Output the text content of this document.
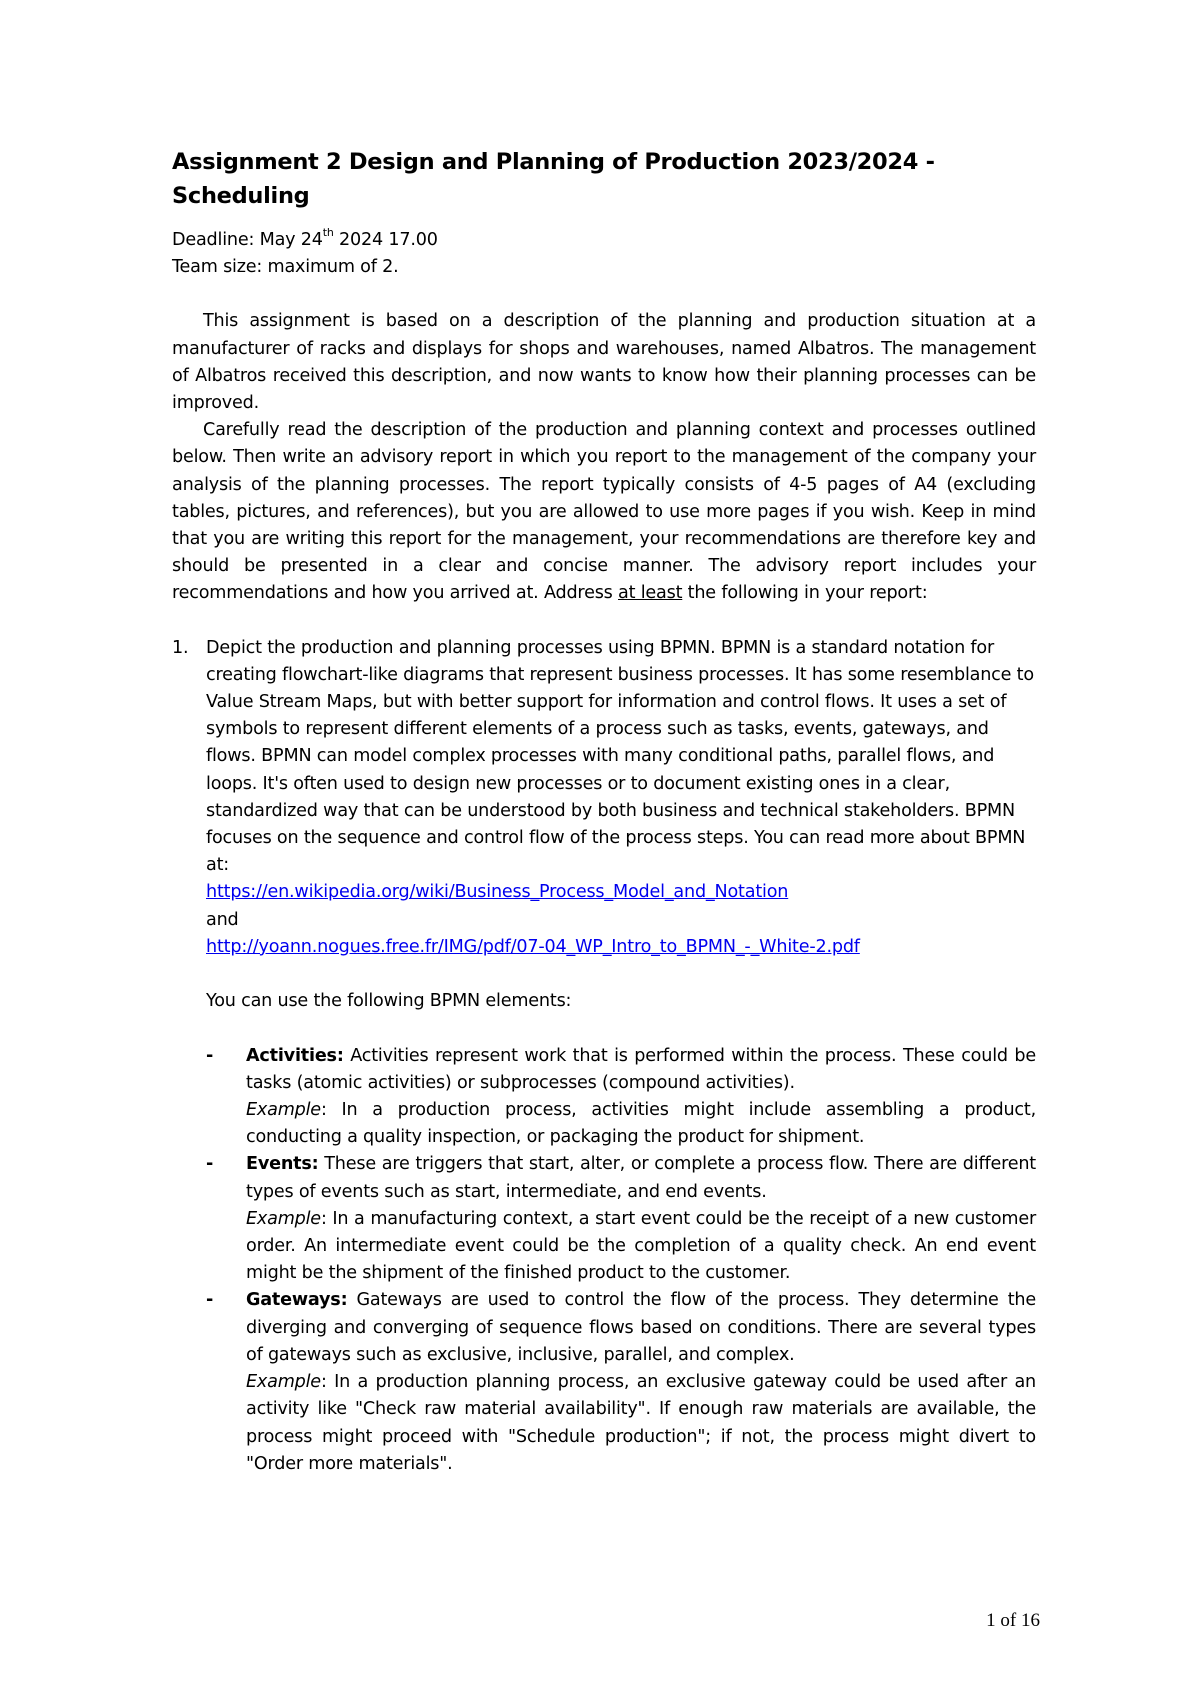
Assignment 2 Design and Planning of Production 2023/2024 - Scheduling
Deadline: May 24th 2024 17.00
Team size: maximum of 2.

This assignment is based on a description of the planning and production situation at a manufacturer of racks and displays for shops and warehouses, named Albatros. The management of Albatros received this description, and now wants to know how their planning processes can be improved.

Carefully read the description of the production and planning context and processes outlined below. Then write an advisory report in which you report to the management of the company your analysis of the planning processes. The report typically consists of 4-5 pages of A4 (excluding tables, pictures, and references), but you are allowed to use more pages if you wish. Keep in mind that you are writing this report for the management, your recommendations are therefore key and should be presented in a clear and concise manner. The advisory report includes your recommendations and how you arrived at. Address at least the following in your report:

1.	Depict the production and planning processes using BPMN. BPMN is a standard notation for creating flowchart-like diagrams that represent business processes. It has some resemblance to Value Stream Maps, but with better support for information and control flows. It uses a set of symbols to represent different elements of a process such as tasks, events, gateways, and flows. BPMN can model complex processes with many conditional paths, parallel flows, and loops. It's often used to design new processes or to document existing ones in a clear, standardized way that can be understood by both business and technical stakeholders. BPMN focuses on the sequence and control flow of the process steps. You can read more about BPMN at:
https://en.wikipedia.org/wiki/Business_Process_Model_and_Notation
and
http://yoann.nogues.free.fr/IMG/pdf/07-04_WP_Intro_to_BPMN_-_White-2.pdf
You can use the following BPMN elements:
-	Activities: Activities represent work that is performed within the process. These could be tasks (atomic activities) or subprocesses (compound activities).

Example: In a production process, activities might include assembling a product, conducting a quality inspection, or packaging the product for shipment.

-	Events: These are triggers that start, alter, or complete a process flow. There are different types of events such as start, intermediate, and end events.

Example: In a manufacturing context, a start event could be the receipt of a new customer order. An intermediate event could be the completion of a quality check. An end event might be the shipment of the finished product to the customer.

-	Gateways: Gateways are used to control the flow of the process. They determine the diverging and converging of sequence flows based on conditions. There are several types of gateways such as exclusive, inclusive, parallel, and complex.

Example: In a production planning process, an exclusive gateway could be used after an activity like "Check raw material availability". If enough raw materials are available, the process might proceed with "Schedule production"; if not, the process might divert to "Order more materials".

1 of 16
